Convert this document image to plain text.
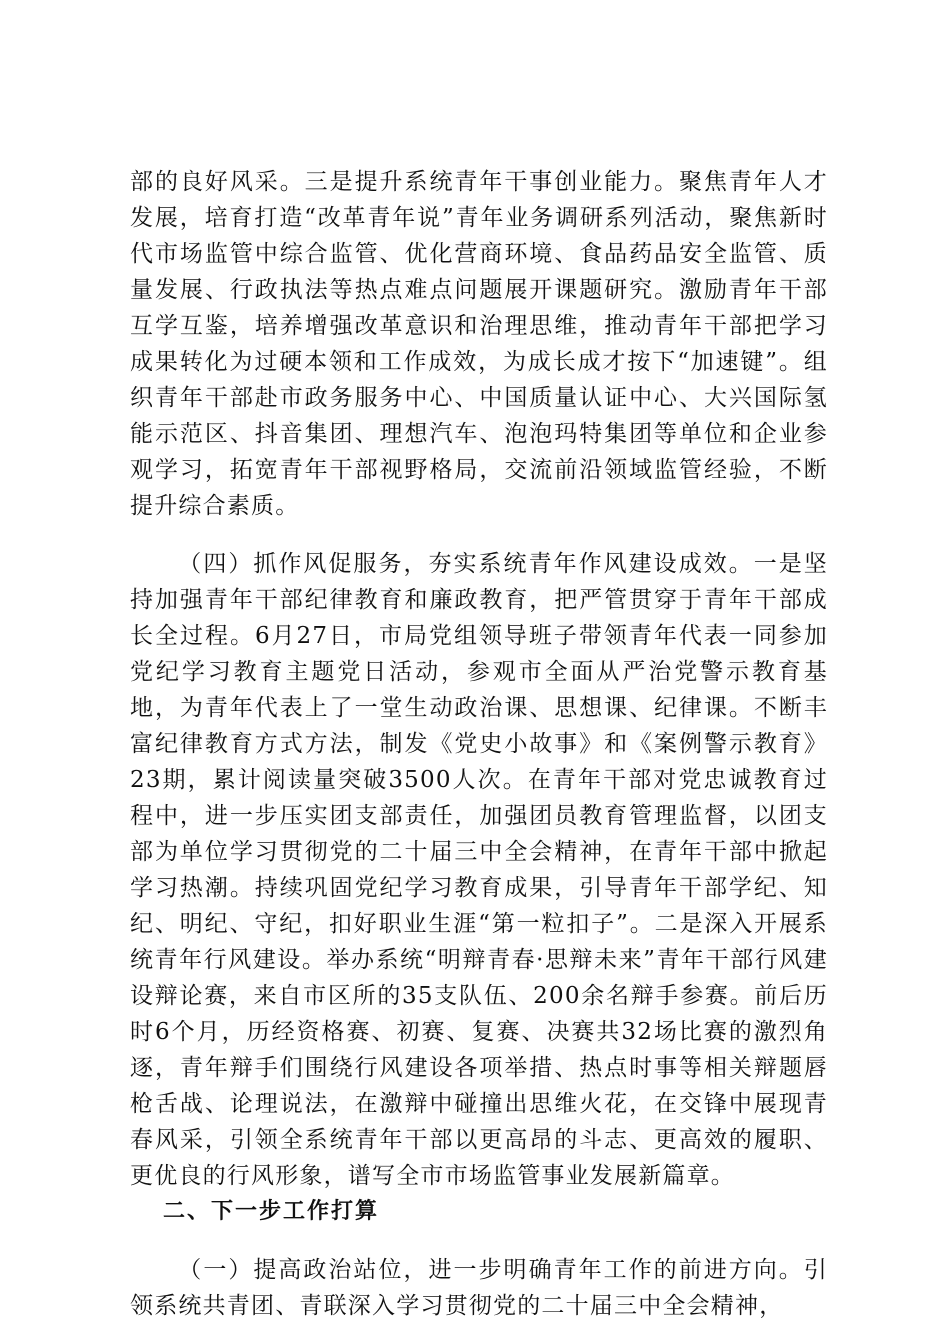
部的良好风采。三是提升系统青年干事创业能力。聚焦青年人才发展，培育打造“改革青年说”青年业务调研系列活动，聚焦新时代市场监管中综合监管、优化营商环境、食品药品安全监管、质量发展、行政执法等热点难点问题展开课题研究。激励青年干部互学互鉴，培养增强改革意识和治理思维，推动青年干部把学习成果转化为过硬本领和工作成效，为成长成才按下“加速键”。组织青年干部赴市政务服务中心、中国质量认证中心、大兴国际氢能示范区、抖音集团、理想汽车、泡泡玛特集团等单位和企业参观学习，拓宽青年干部视野格局，交流前沿领域监管经验，不断提升综合素质。

（四）抓作风促服务，夯实系统青年作风建设成效。一是坚持加强青年干部纪律教育和廉政教育，把严管贯穿于青年干部成长全过程。6月27日，市局党组领导班子带领青年代表一同参加党纪学习教育主题党日活动，参观市全面从严治党警示教育基地，为青年代表上了一堂生动政治课、思想课、纪律课。不断丰富纪律教育方式方法，制发《党史小故事》和《案例警示教育》23期，累计阅读量突破3500人次。在青年干部对党忠诚教育过程中，进一步压实团支部责任，加强团员教育管理监督，以团支部为单位学习贯彻党的二十届三中全会精神，在青年干部中掀起学习热潮。持续巩固党纪学习教育成果，引导青年干部学纪、知纪、明纪、守纪，扣好职业生涯“第一粒扣子”。二是深入开展系统青年行风建设。举办系统“明辩青春·思辩未来”青年干部行风建设辩论赛，来自市区所的35支队伍、200余名辩手参赛。前后历时6个月，历经资格赛、初赛、复赛、决赛共32场比赛的激烈角逐，青年辩手们围绕行风建设各项举措、热点时事等相关辩题唇枪舌战、论理说法，在激辩中碰撞出思维火花，在交锋中展现青春风采，引领全系统青年干部以更高昂的斗志、更高效的履职、更优良的行风形象，谱写全市市场监管事业发展新篇章。

二、下一步工作打算

（一）提高政治站位，进一步明确青年工作的前进方向。引领系统共青团、青联深入学习贯彻党的二十届三中全会精神，
